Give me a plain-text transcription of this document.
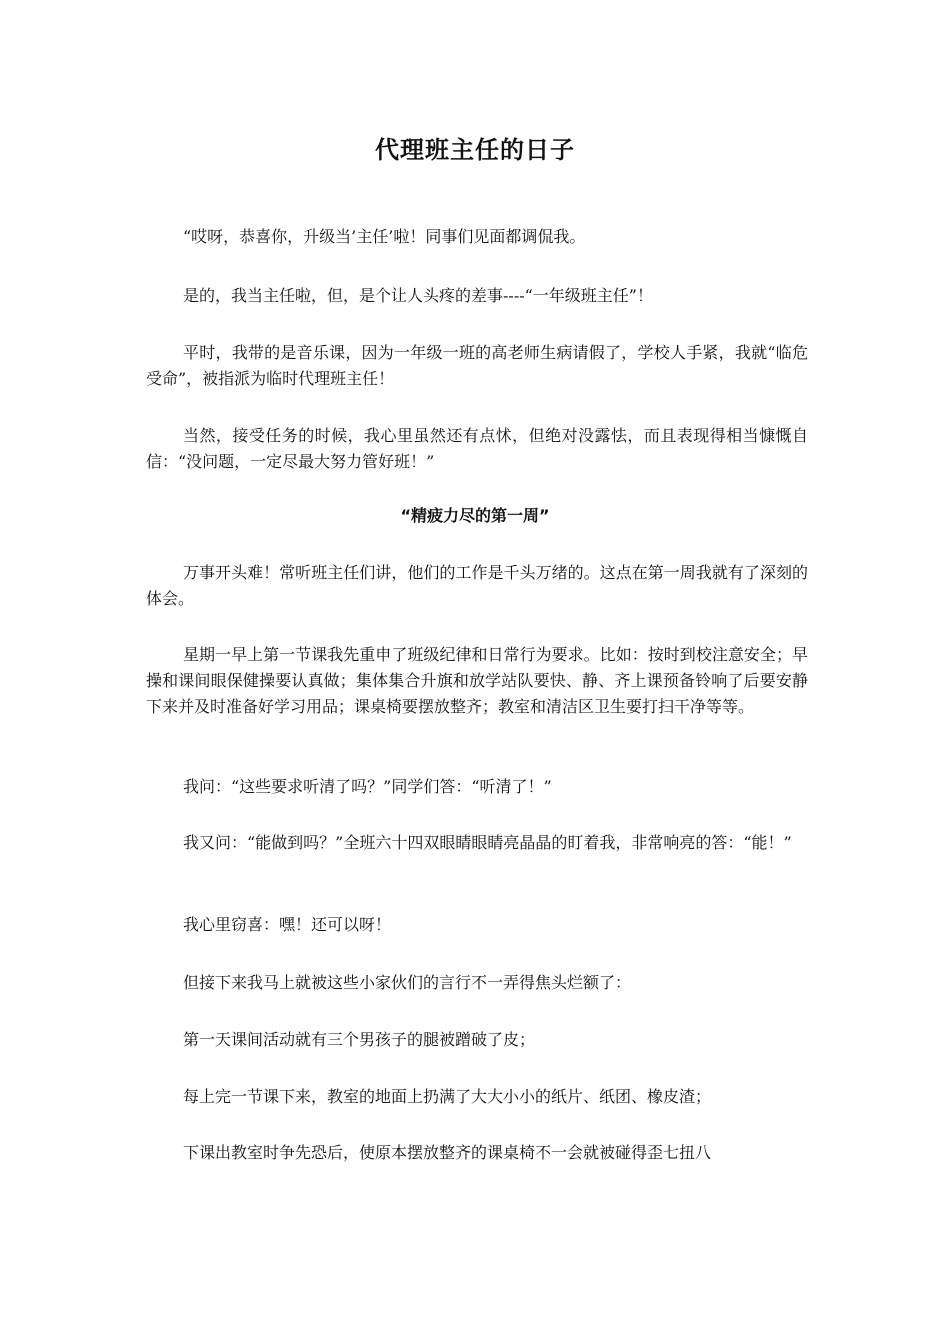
代理班主任的日子

“哎呀，恭喜你，升级当’主任’啦！同事们见面都调侃我。

是的，我当主任啦，但，是个让人头疼的差事----“一年级班主任”！

平时，我带的是音乐课，因为一年级一班的高老师生病请假了，学校人手紧，我就“临危受命”，被指派为临时代理班主任！

当然，接受任务的时候，我心里虽然还有点怵，但绝对没露怯，而且表现得相当慷慨自信：“没问题，一定尽最大努力管好班！”

“精疲力尽的第一周”

万事开头难！常听班主任们讲，他们的工作是千头万绪的。这点在第一周我就有了深刻的体会。

星期一早上第一节课我先重申了班级纪律和日常行为要求。比如：按时到校注意安全；早操和课间眼保健操要认真做；集体集合升旗和放学站队要快、静、齐上课预备铃响了后要安静下来并及时准备好学习用品；课桌椅要摆放整齐；教室和清洁区卫生要打扫干净等等。

我问：“这些要求听清了吗？”同学们答：“听清了！”

我又问：“能做到吗？”全班六十四双眼睛眼睛亮晶晶的盯着我，非常响亮的答：“能！”

我心里窃喜：嘿！还可以呀！

但接下来我马上就被这些小家伙们的言行不一弄得焦头烂额了：

第一天课间活动就有三个男孩子的腿被蹭破了皮；

每上完一节课下来，教室的地面上扔满了大大小小的纸片、纸团、橡皮渣；

下课出教室时争先恐后，使原本摆放整齐的课桌椅不一会就被碰得歪七扭八
